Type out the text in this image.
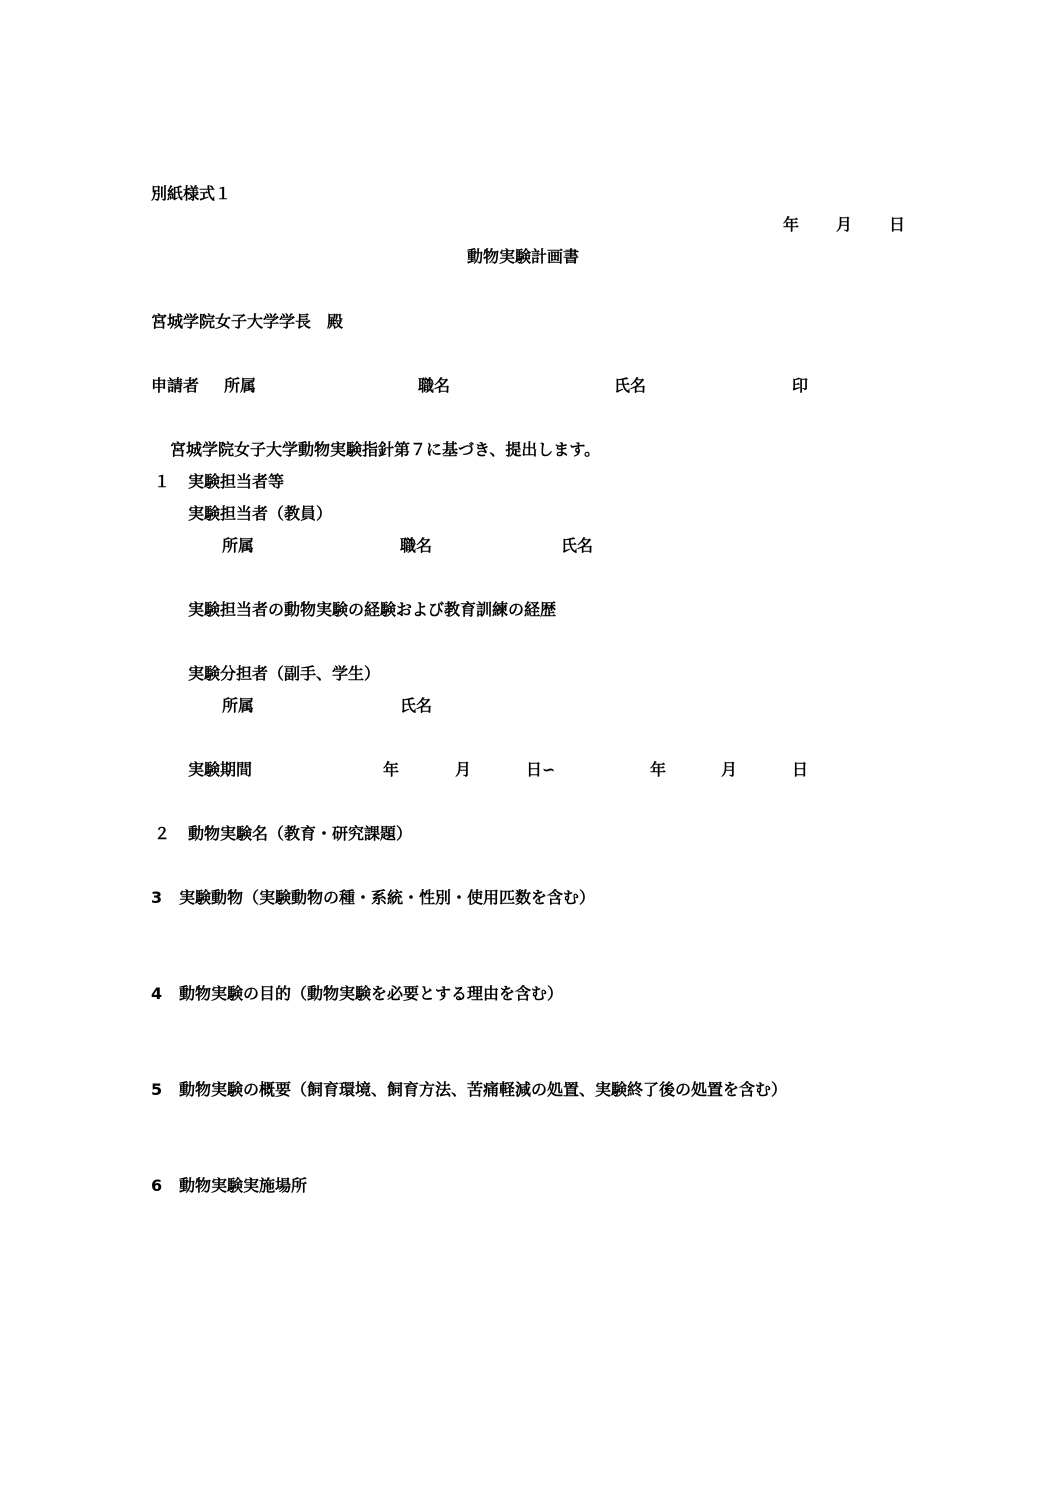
別紙様式１
年 月 日
動物実験計画書
宮城学院女子大学学長　殿
申請者 所属	職名	氏名	印
宮城学院女子大学動物実験指針第７に基づき、提出します。
１ 実験担当者等
実験担当者（教員）
所属	職名	氏名
実験担当者の動物実験の経験および教育訓練の経歴
実験分担者（副手、学生）
所属	氏名
実験期間	年	月	日∽	年	月	日
２ 動物実験名（教育・研究課題）
3 実験動物（実験動物の種・系統・性別・使用匹数を含む）
4 動物実験の目的（動物実験を必要とする理由を含む）
5 動物実験の概要（飼育環境、飼育方法、苦痛軽減の処置、実験終了後の処置を含む）
6 動物実験実施場所
